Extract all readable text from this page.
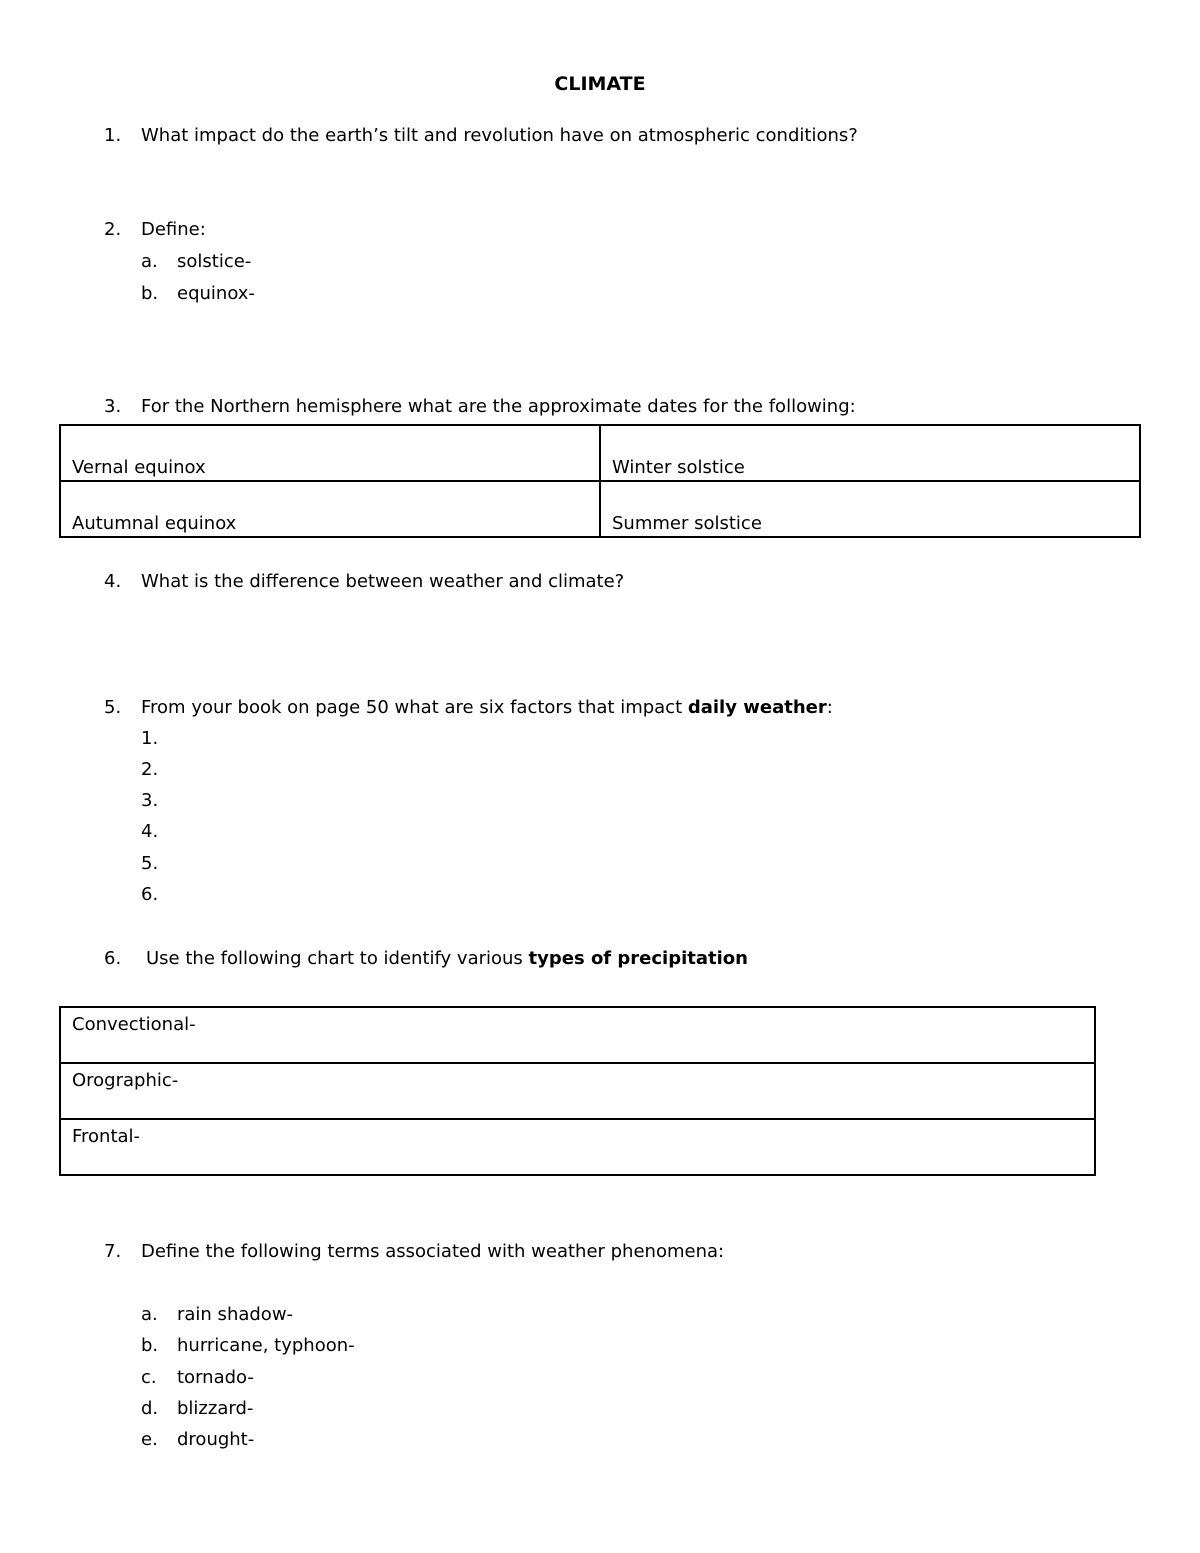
CLIMATE
1. What impact do the earth’s tilt and revolution have on atmospheric conditions?
2. Define:
a. solstice-
b. equinox-
3. For the Northern hemisphere what are the approximate dates for the following:
Vernal equinox	Winter solstice

Autumnal equinox	Summer solstice
4. What is the difference between weather and climate?
5. From your book on page 50 what are six factors that impact daily weather:
1.
2.
3.
4.
5.
6.
6. Use the following chart to identify various types of precipitation
Convectional-

Orographic-

Frontal-
7. Define the following terms associated with weather phenomena:
a. rain shadow-
b. hurricane, typhoon-
c. tornado-
d. blizzard-
e. drought-
